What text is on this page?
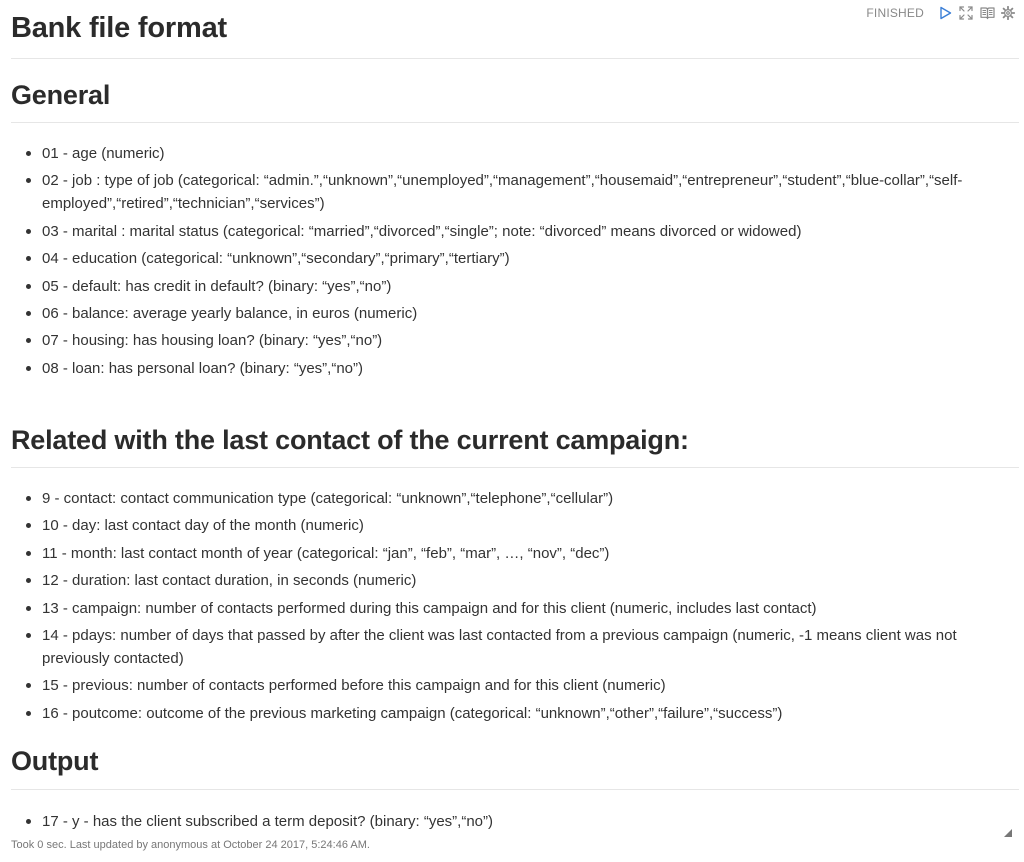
FINISHED
Bank file format
General
01 - age (numeric)
02 - job : type of job (categorical: “admin.”,“unknown”,“unemployed”,“management”,“housemaid”,“entrepreneur”,“student”,“blue-collar”,“self-employed”,“retired”,“technician”,“services”)
03 - marital : marital status (categorical: “married”,“divorced”,“single”; note: “divorced” means divorced or widowed)
04 - education (categorical: “unknown”,“secondary”,“primary”,“tertiary”)
05 - default: has credit in default? (binary: “yes”,“no”)
06 - balance: average yearly balance, in euros (numeric)
07 - housing: has housing loan? (binary: “yes”,“no”)
08 - loan: has personal loan? (binary: “yes”,“no”)
Related with the last contact of the current campaign:
9 - contact: contact communication type (categorical: “unknown”,“telephone”,“cellular”)
10 - day: last contact day of the month (numeric)
11 - month: last contact month of year (categorical: “jan”, “feb”, “mar”, …, “nov”, “dec”)
12 - duration: last contact duration, in seconds (numeric)
13 - campaign: number of contacts performed during this campaign and for this client (numeric, includes last contact)
14 - pdays: number of days that passed by after the client was last contacted from a previous campaign (numeric, -1 means client was not previously contacted)
15 - previous: number of contacts performed before this campaign and for this client (numeric)
16 - poutcome: outcome of the previous marketing campaign (categorical: “unknown”,“other”,“failure”,“success”)
Output
17 - y - has the client subscribed a term deposit? (binary: “yes”,“no”)
Took 0 sec. Last updated by anonymous at October 24 2017, 5:24:46 AM.
